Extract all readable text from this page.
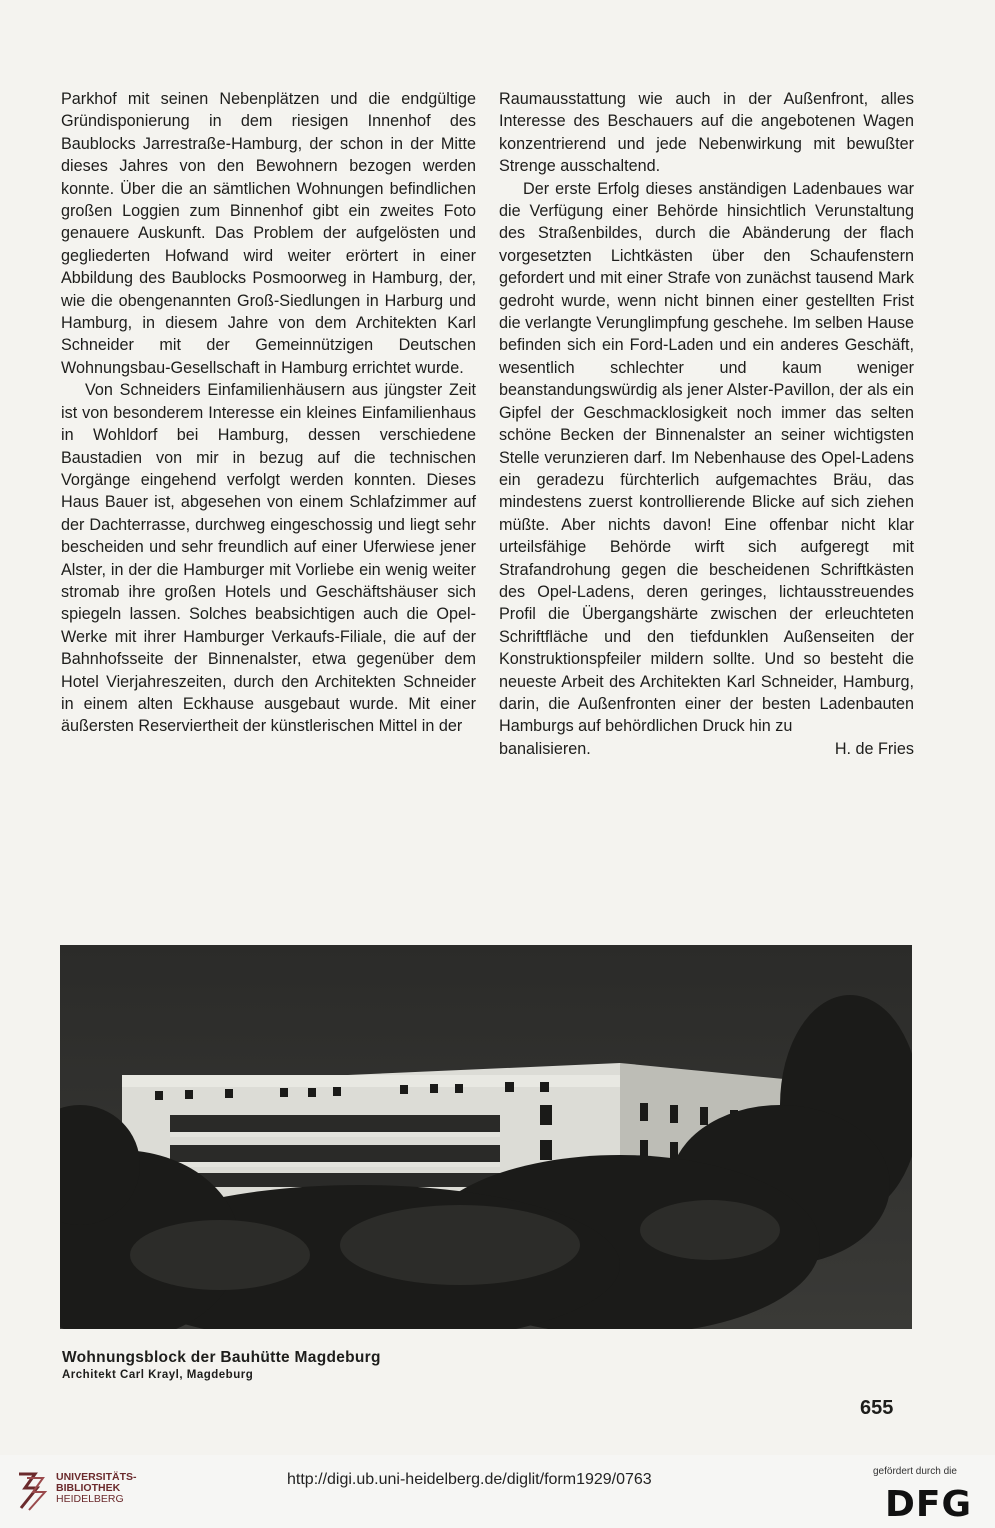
Parkhof mit seinen Nebenplätzen und die endgültige Gründisponierung in dem riesigen Innenhof des Baublocks Jarrestraße-Hamburg, der schon in der Mitte dieses Jahres von den Bewohnern bezogen werden konnte. Über die an sämtlichen Wohnungen befindlichen großen Loggien zum Binnenhof gibt ein zweites Foto genauere Auskunft. Das Problem der aufgelösten und gegliederten Hofwand wird weiter erörtert in einer Abbildung des Baublocks Posmoorweg in Hamburg, der, wie die obengenannten Groß-Siedlungen in Harburg und Hamburg, in diesem Jahre von dem Architekten Karl Schneider mit der Gemeinnützigen Deutschen Wohnungsbau-Gesellschaft in Hamburg errichtet wurde.

Von Schneiders Einfamilienhäusern aus jüngster Zeit ist von besonderem Interesse ein kleines Einfamilienhaus in Wohldorf bei Hamburg, dessen verschiedene Baustadien von mir in bezug auf die technischen Vorgänge eingehend verfolgt werden konnten. Dieses Haus Bauer ist, abgesehen von einem Schlafzimmer auf der Dachterrasse, durchweg eingeschossig und liegt sehr bescheiden und sehr freundlich auf einer Uferwiese jener Alster, in der die Hamburger mit Vorliebe ein wenig weiter stromab ihre großen Hotels und Geschäftshäuser sich spiegeln lassen. Solches beabsichtigen auch die Opel-Werke mit ihrer Hamburger Verkaufs-Filiale, die auf der Bahnhofsseite der Binnenalster, etwa gegenüber dem Hotel Vierjahreszeiten, durch den Architekten Schneider in einem alten Eckhause ausgebaut wurde. Mit einer äußersten Reserviertheit der künstlerischen Mittel in der

Raumausstattung wie auch in der Außenfront, alles Interesse des Beschauers auf die angebotenen Wagen konzentrierend und jede Nebenwirkung mit bewußter Strenge ausschaltend.

Der erste Erfolg dieses anständigen Ladenbaues war die Verfügung einer Behörde hinsichtlich Verunstaltung des Straßenbildes, durch die Abänderung der flach vorgesetzten Lichtkästen über den Schaufenstern gefordert und mit einer Strafe von zunächst tausend Mark gedroht wurde, wenn nicht binnen einer gestellten Frist die verlangte Verunglimpfung geschehe. Im selben Hause befinden sich ein Ford-Laden und ein anderes Geschäft, wesentlich schlechter und kaum weniger beanstandungswürdig als jener Alster-Pavillon, der als ein Gipfel der Geschmacklosigkeit noch immer das selten schöne Becken der Binnenalster an seiner wichtigsten Stelle verunzieren darf. Im Nebenhause des Opel-Ladens ein geradezu fürchterlich aufgemachtes Bräu, das mindestens zuerst kontrollierende Blicke auf sich ziehen müßte. Aber nichts davon! Eine offenbar nicht klar urteilsfähige Behörde wirft sich aufgeregt mit Strafandrohung gegen die bescheidenen Schriftkästen des Opel-Ladens, deren geringes, lichtausstreuendes Profil die Übergangshärte zwischen der erleuchteten Schriftfläche und den tiefdunklen Außenseiten der Konstruktionspfeiler mildern sollte. Und so besteht die neueste Arbeit des Architekten Karl Schneider, Hamburg, darin, die Außenfronten einer der besten Ladenbauten Hamburgs auf behördlichen Druck hin zu

banalisieren.	H. de Fries
Wohnungsblock der Bauhütte Magdeburg
Architekt Carl Krayl, Magdeburg
655
UNIVERSITÄTS-
BIBLIOTHEK
HEIDELBERG
http://digi.ub.uni-heidelberg.de/diglit/form1929/0763	gefördert durch die
DFG
